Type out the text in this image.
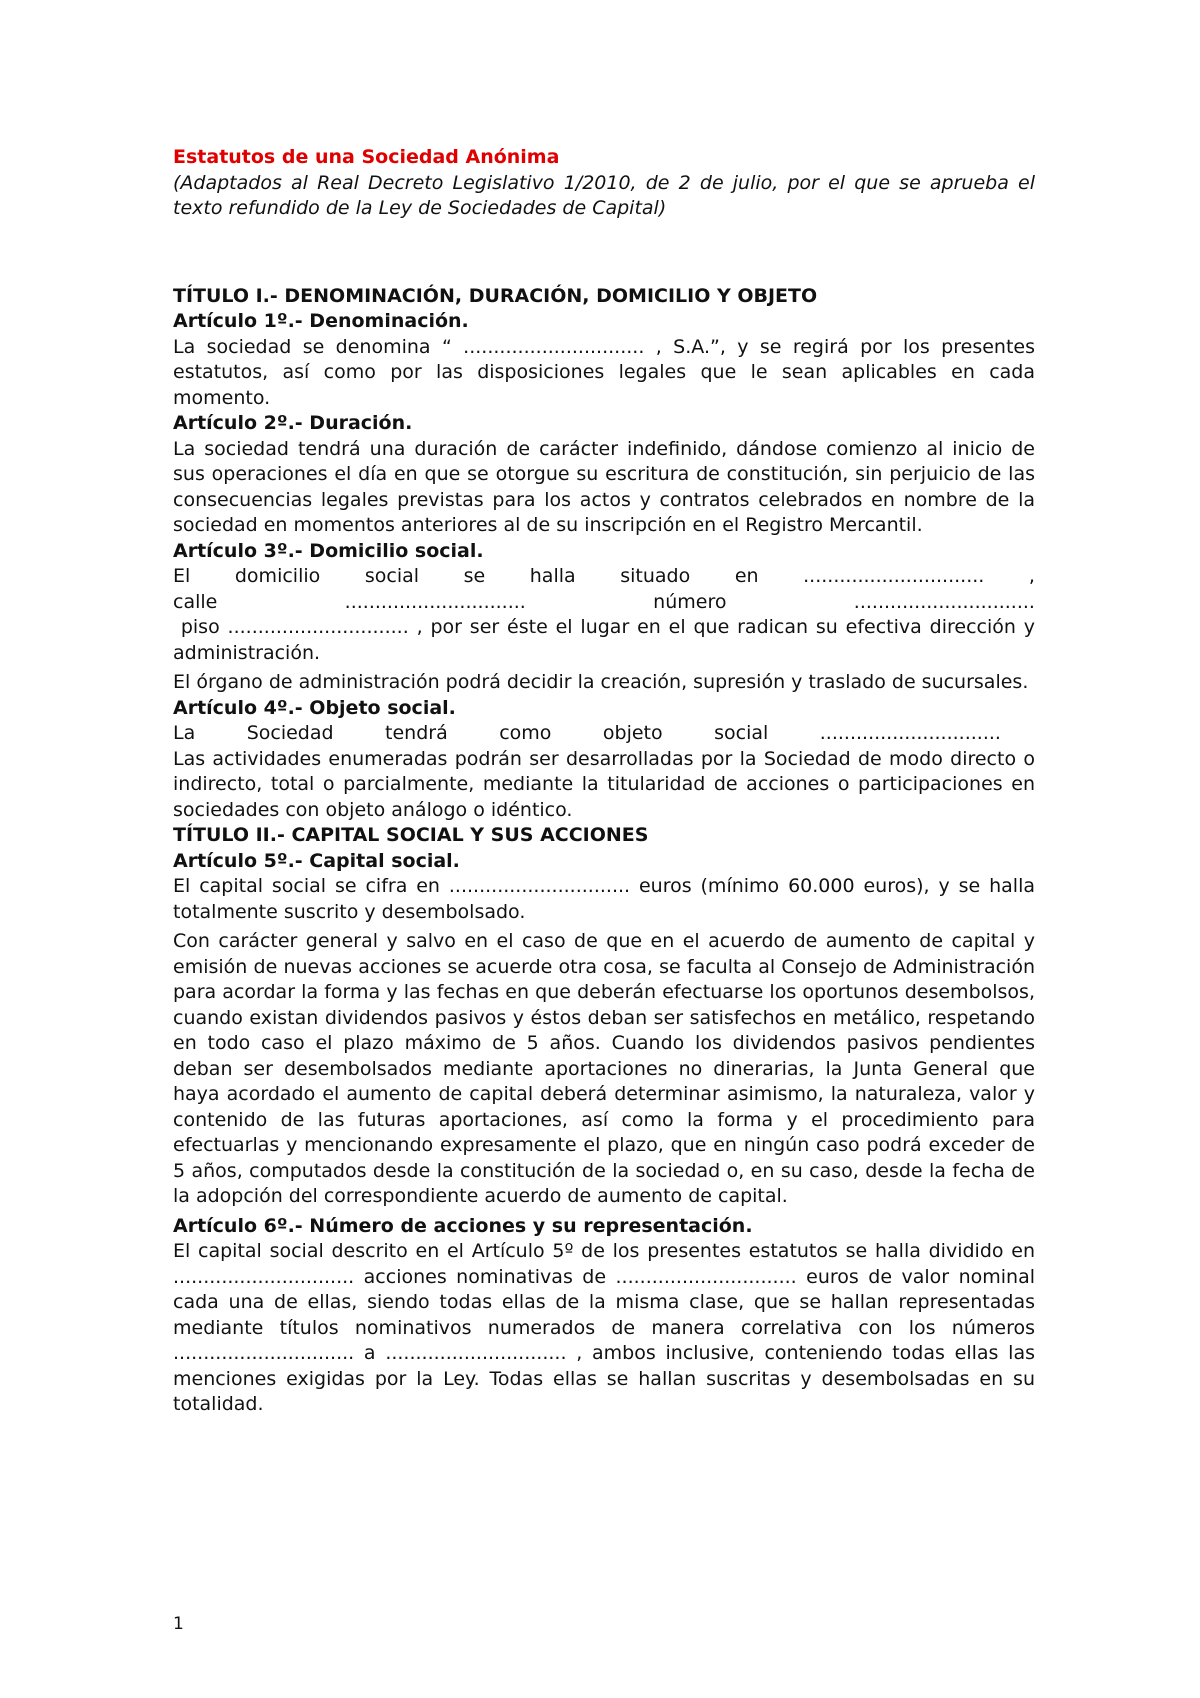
Estatutos de una Sociedad Anónima

(Adaptados al Real Decreto Legislativo 1/2010, de 2 de julio, por el que se aprueba el texto refundido de la Ley de Sociedades de Capital)

TÍTULO I.- DENOMINACIÓN, DURACIÓN, DOMICILIO Y OBJETO
Artículo 1º.- Denominación.

La sociedad se denomina “ .............................. , S.A.”, y se regirá por los presentes estatutos, así como por las disposiciones legales que le sean aplicables en cada momento.

Artículo 2º.- Duración.

La sociedad tendrá una duración de carácter indefinido, dándose comienzo al inicio de sus operaciones el día en que se otorgue su escritura de constitución, sin perjuicio de las consecuencias legales previstas para los actos y contratos celebrados en nombre de la sociedad en momentos anteriores al de su inscripción en el Registro Mercantil.

Artículo 3º.- Domicilio social.
El domicilio social se halla situado en .............................. ,
calle	..............................	número	..............................

piso .............................. , por ser éste el lugar en el que radican su efectiva dirección y administración.

El órgano de administración podrá decidir la creación, supresión y traslado de sucursales.

Artículo 4º.- Objeto social.
La	Sociedad	tendrá	como	objeto	social	..............................

Las actividades enumeradas podrán ser desarrolladas por la Sociedad de modo directo o indirecto, total o parcialmente, mediante la titularidad de acciones o participaciones en sociedades con objeto análogo o idéntico.

TÍTULO II.- CAPITAL SOCIAL Y SUS ACCIONES
Artículo 5º.- Capital social.

El capital social se cifra en .............................. euros (mínimo 60.000 euros), y se halla totalmente suscrito y desembolsado.

Con carácter general y salvo en el caso de que en el acuerdo de aumento de capital y emisión de nuevas acciones se acuerde otra cosa, se faculta al Consejo de Administración para acordar la forma y las fechas en que deberán efectuarse los oportunos desembolsos, cuando existan dividendos pasivos y éstos deban ser satisfechos en metálico, respetando en todo caso el plazo máximo de 5 años. Cuando los dividendos pasivos pendientes deban ser desembolsados mediante aportaciones no dinerarias, la Junta General que haya acordado el aumento de capital deberá determinar asimismo, la naturaleza, valor y contenido de las futuras aportaciones, así como la forma y el procedimiento para efectuarlas y mencionando expresamente el plazo, que en ningún caso podrá exceder de 5 años, computados desde la constitución de la sociedad o, en su caso, desde la fecha de la adopción del correspondiente acuerdo de aumento de capital.

Artículo 6º.- Número de acciones y su representación.

El capital social descrito en el Artículo 5º de los presentes estatutos se halla dividido en .............................. acciones nominativas de .............................. euros de valor nominal cada una de ellas, siendo todas ellas de la misma clase, que se hallan representadas mediante títulos nominativos numerados de manera correlativa con los números .............................. a .............................. , ambos inclusive, conteniendo todas ellas las menciones exigidas por la Ley. Todas ellas se hallan suscritas y desembolsadas en su totalidad.

1
